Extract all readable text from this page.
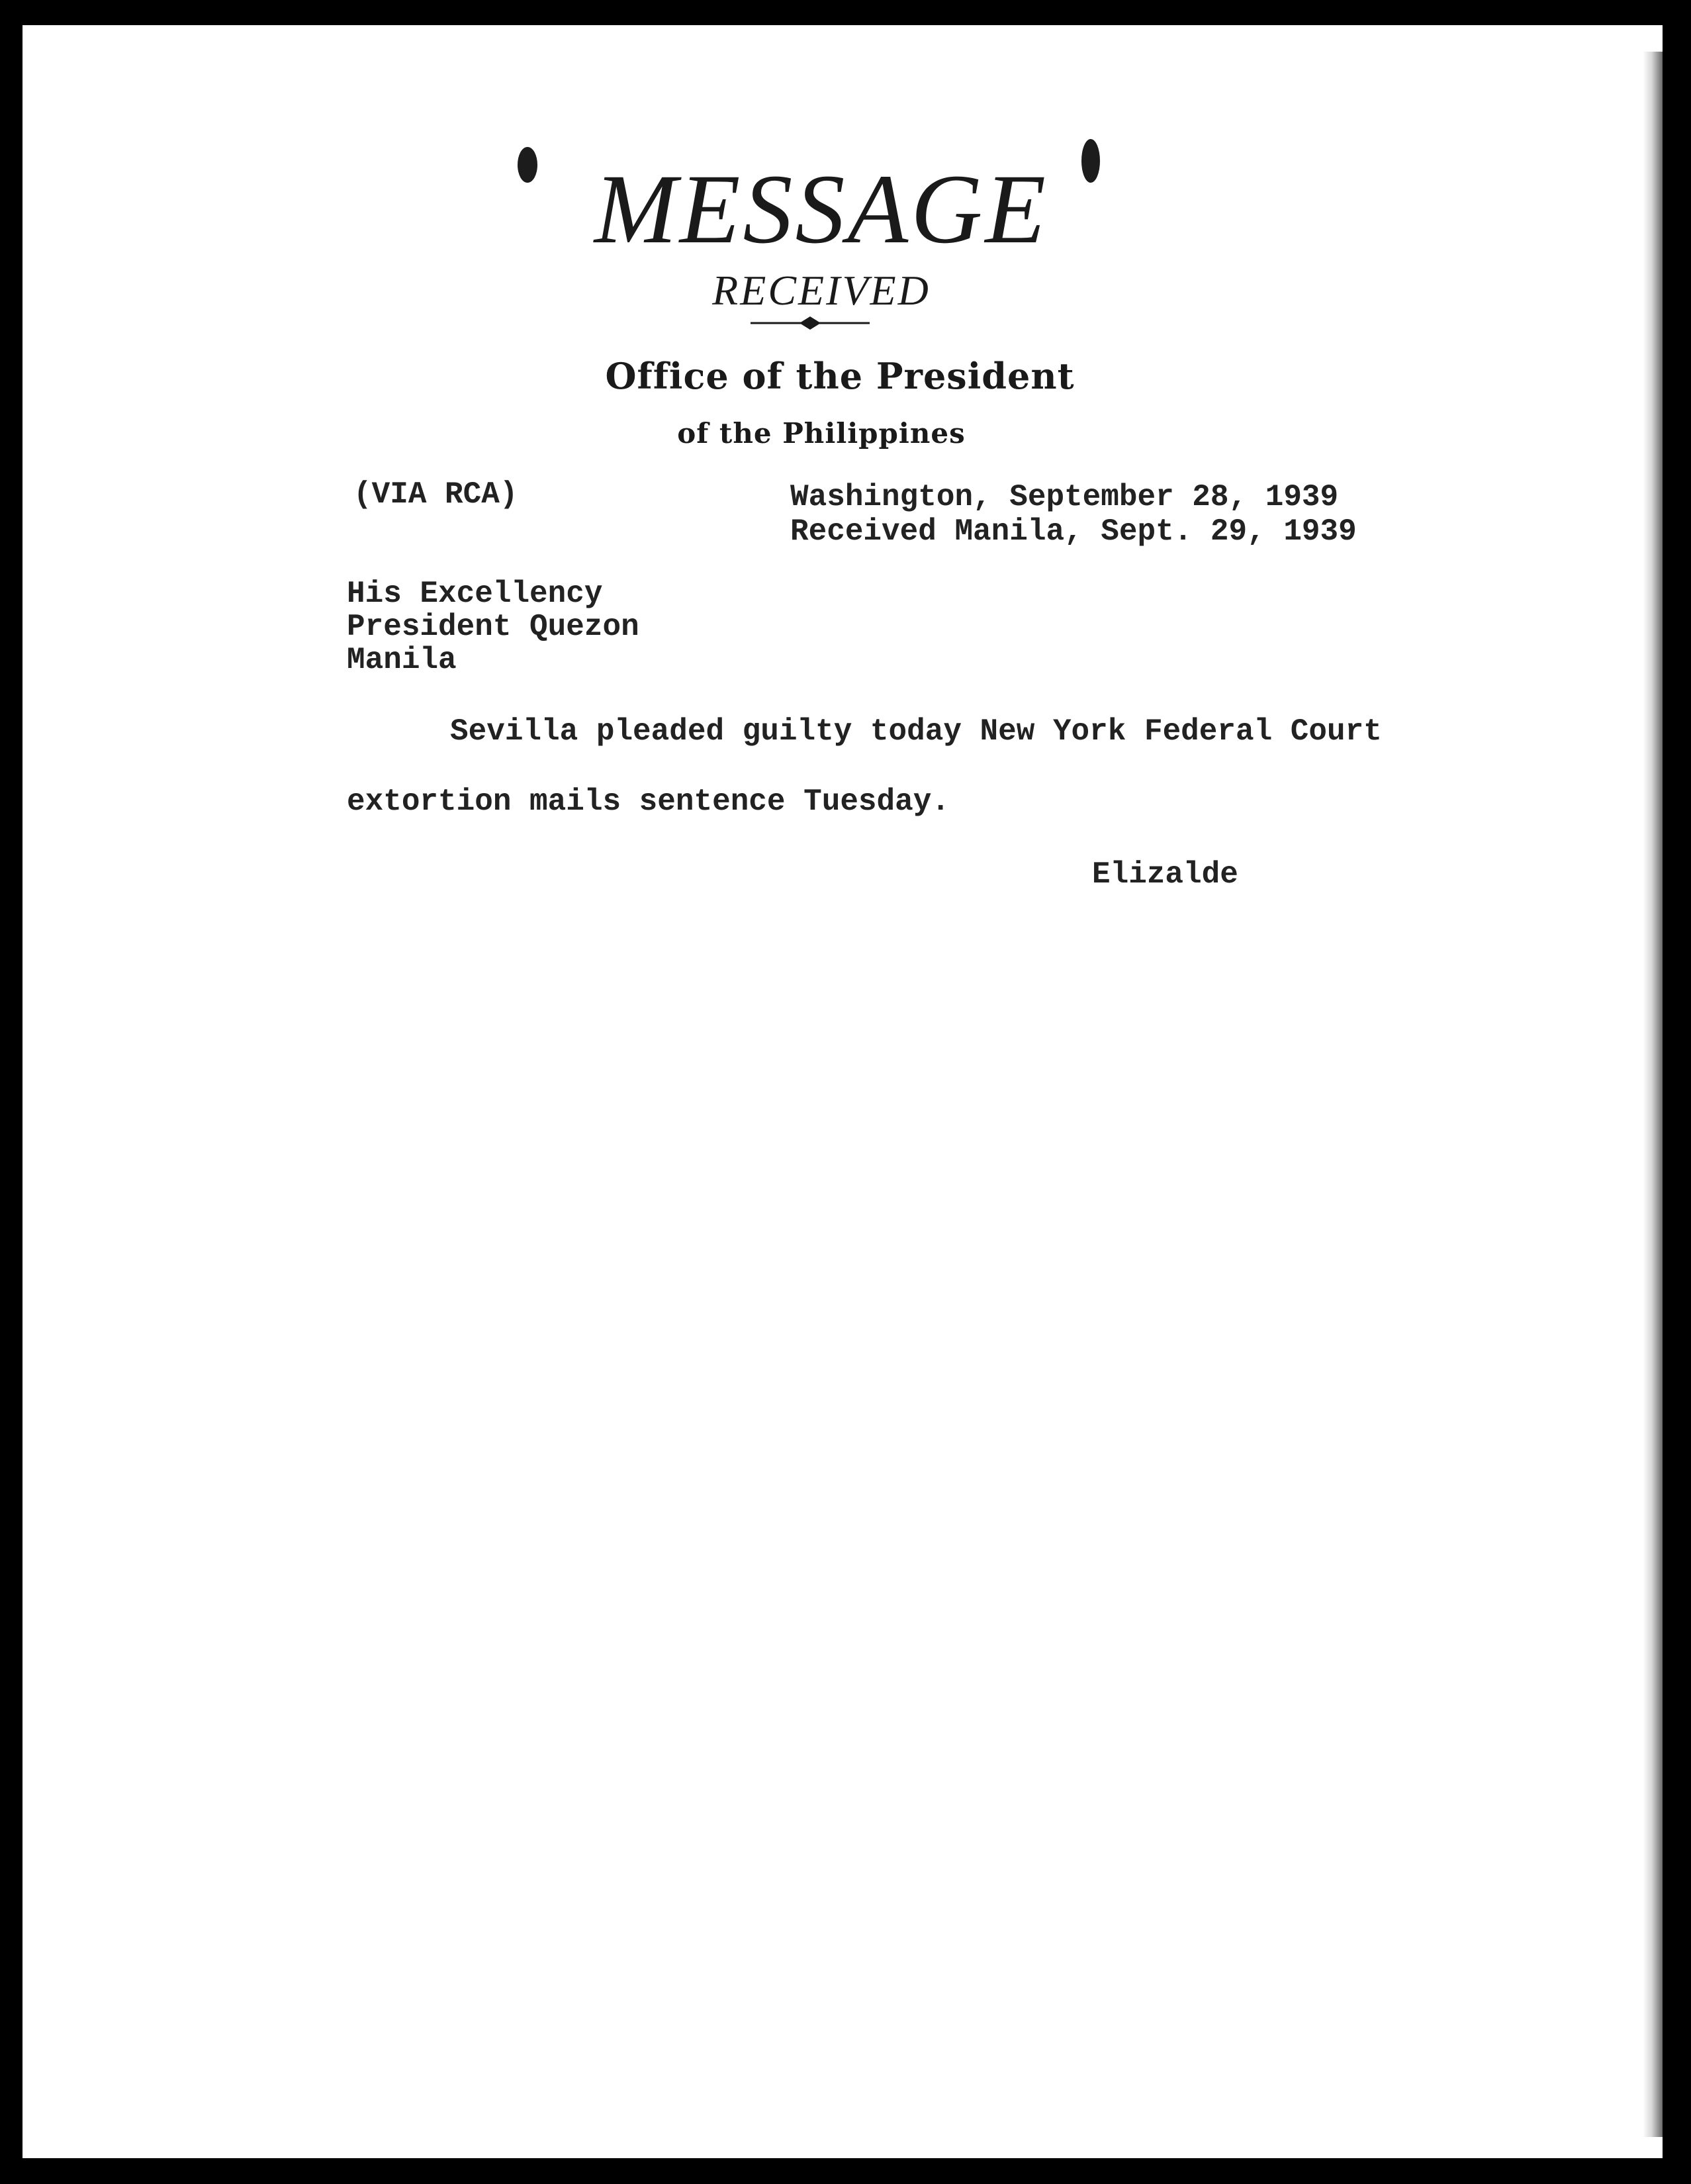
MESSAGE
RECEIVED
Office of the President
of the Philippines
(VIA RCA)	Washington, September 28, 1939
Received Manila, Sept. 29, 1939
His Excellency
President Quezon
Manila
Sevilla pleaded guilty today New York Federal Court
extortion mails sentence Tuesday.
Elizalde
